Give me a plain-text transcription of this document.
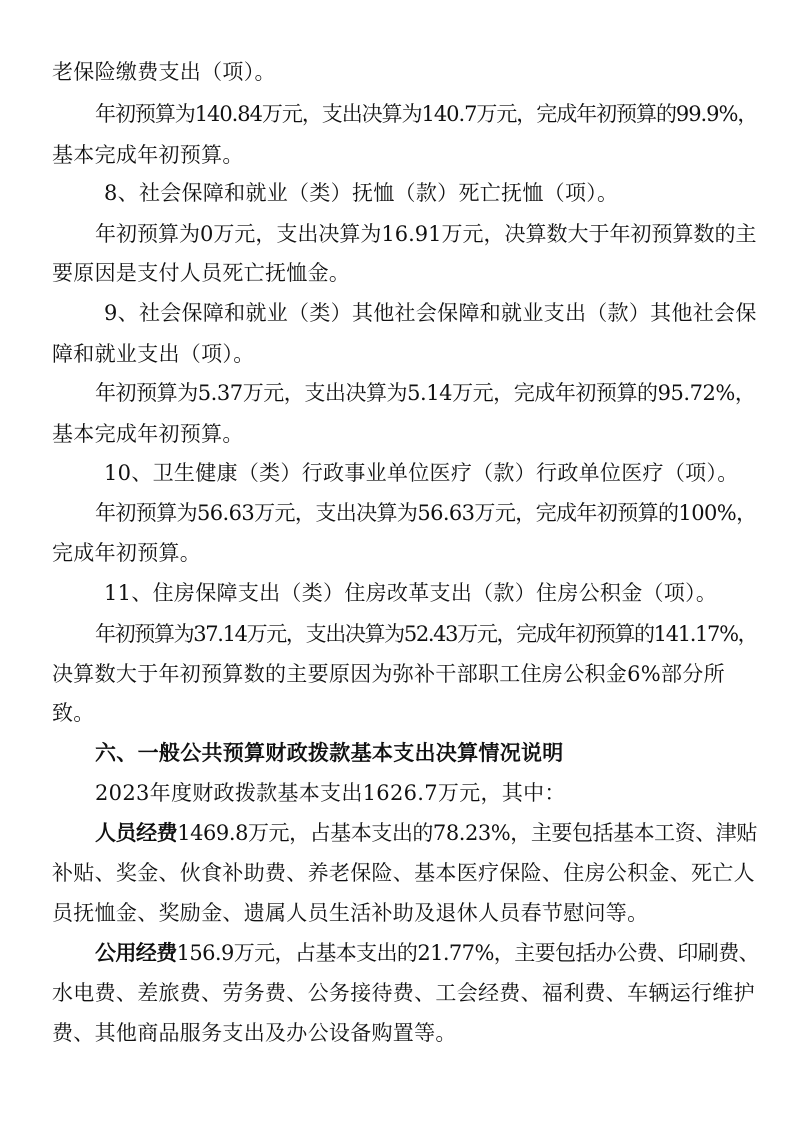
老保险缴费支出（项）。
年初预算为140.84万元，支出决算为140.7万元，完成年初预算的99.9%，
基本完成年初预算。
8、社会保障和就业（类）抚恤（款）死亡抚恤（项）。
年初预算为0万元，支出决算为16.91万元，决算数大于年初预算数的主
要原因是支付人员死亡抚恤金。
9、社会保障和就业（类）其他社会保障和就业支出（款）其他社会保
障和就业支出（项）。
年初预算为5.37万元，支出决算为5.14万元，完成年初预算的95.72%，
基本完成年初预算。
10、卫生健康（类）行政事业单位医疗（款）行政单位医疗（项）。
年初预算为56.63万元，支出决算为56.63万元，完成年初预算的100%，
完成年初预算。
11、住房保障支出（类）住房改革支出（款）住房公积金（项）。
年初预算为37.14万元，支出决算为52.43万元，完成年初预算的141.17%，
决算数大于年初预算数的主要原因为弥补干部职工住房公积金6%部分所
致。
六、一般公共预算财政拨款基本支出决算情况说明
2023年度财政拨款基本支出1626.7万元，其中：
人员经费1469.8万元，占基本支出的78.23%，主要包括基本工资、津贴
补贴、奖金、伙食补助费、养老保险、基本医疗保险、住房公积金、死亡人
员抚恤金、奖励金、遗属人员生活补助及退休人员春节慰问等。
公用经费156.9万元，占基本支出的21.77%，主要包括办公费、印刷费、
水电费、差旅费、劳务费、公务接待费、工会经费、福利费、车辆运行维护
费、其他商品服务支出及办公设备购置等。
